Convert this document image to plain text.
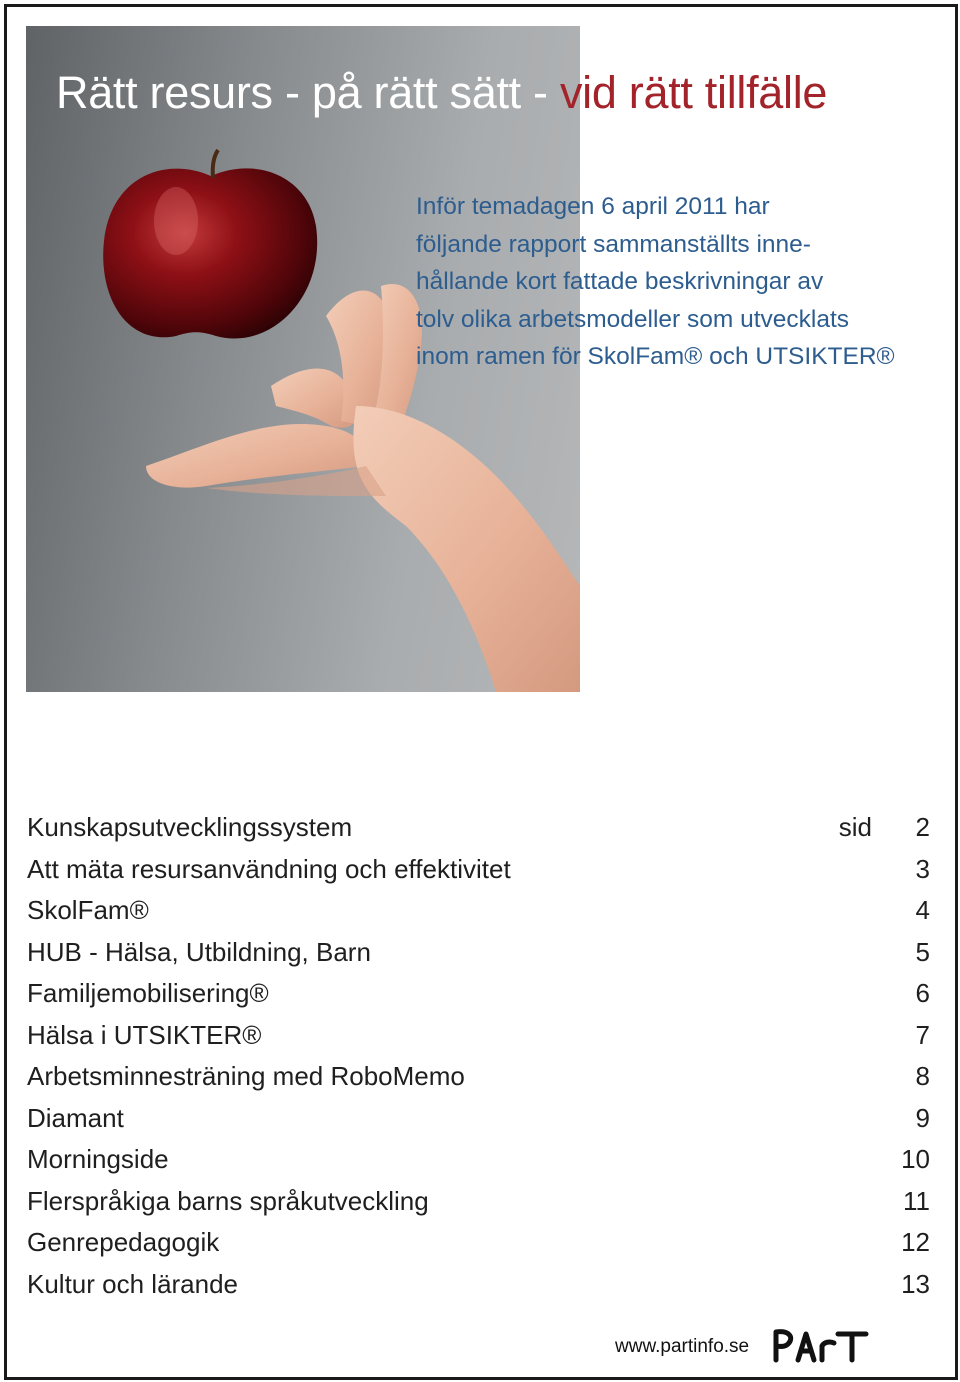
Rätt resurs - på rätt sätt - vid rätt tillfälle
Inför temadagen 6 april 2011 har
följande rapport sammanställts inne-
hållande kort fattade beskrivningar av
tolv olika arbetsmodeller som utvecklats
inom ramen för SkolFam® och UTSIKTER®
Kunskapsutvecklingssystem	sid 2
Att mäta resursanvändning och effektivitet	3
SkolFam®	4
HUB - Hälsa, Utbildning, Barn	5
Familjemobilisering®	6
Hälsa i UTSIKTER®	7
Arbetsminnesträning med RoboMemo	8
Diamant	9
Morningside	10
Flerspråkiga barns språkutveckling	11
Genrepedagogik	12
Kultur och lärande	13
www.partinfo.se
